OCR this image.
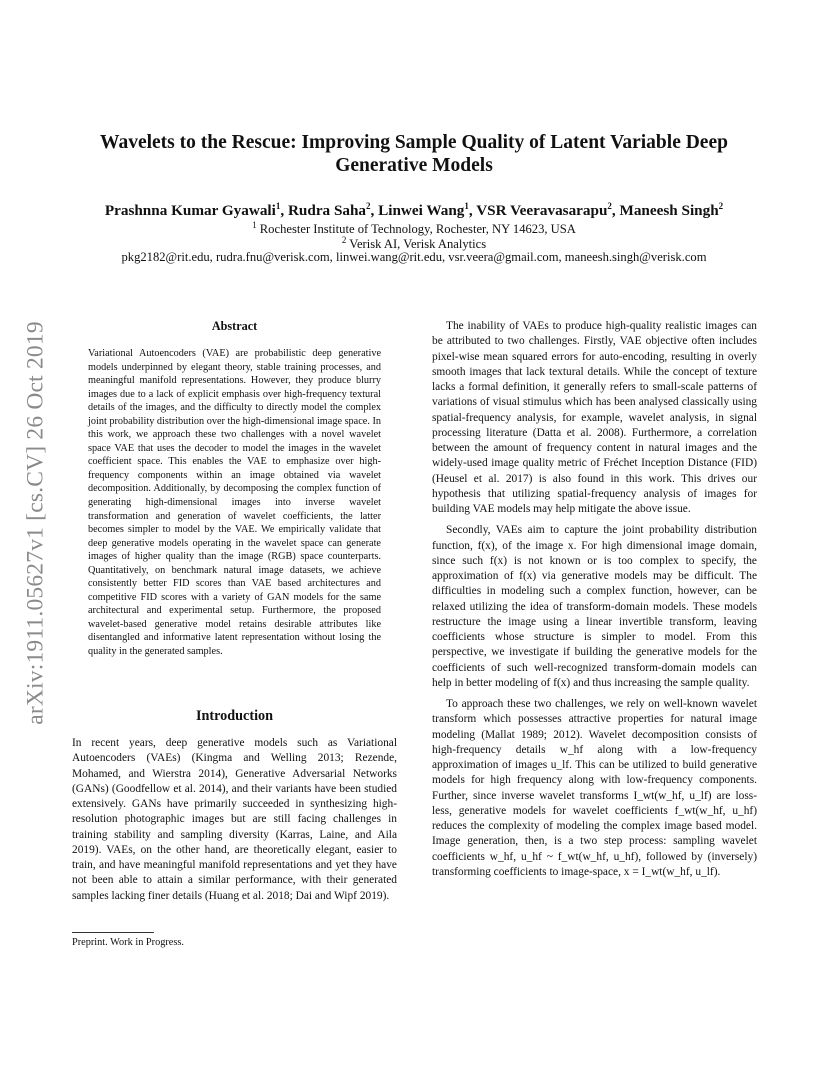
arXiv:1911.05627v1 [cs.CV] 26 Oct 2019
Wavelets to the Rescue: Improving Sample Quality of Latent Variable Deep Generative Models
Prashnna Kumar Gyawali$^1$, Rudra Saha$^2$, Linwei Wang$^1$, VSR Veeravasarapu$^2$, Maneesh Singh$^2$
$^1$ Rochester Institute of Technology, Rochester, NY 14623, USA
$^2$ Verisk AI, Verisk Analytics
pkg2182@rit.edu, rudra.fnu@verisk.com, linwei.wang@rit.edu, vsr.veera@gmail.com, maneesh.singh@verisk.com
Abstract
Variational Autoencoders (VAE) are probabilistic deep generative models underpinned by elegant theory, stable training processes, and meaningful manifold representations. However, they produce blurry images due to a lack of explicit emphasis over high-frequency textural details of the images, and the difficulty to directly model the complex joint probability distribution over the high-dimensional image space. In this work, we approach these two challenges with a novel wavelet space VAE that uses the decoder to model the images in the wavelet coefficient space. This enables the VAE to emphasize over high-frequency components within an image obtained via wavelet decomposition. Additionally, by decomposing the complex function of generating high-dimensional images into inverse wavelet transformation and generation of wavelet coefficients, the latter becomes simpler to model by the VAE. We empirically validate that deep generative models operating in the wavelet space can generate images of higher quality than the image (RGB) space counterparts. Quantitatively, on benchmark natural image datasets, we achieve consistently better FID scores than VAE based architectures and competitive FID scores with a variety of GAN models for the same architectural and experimental setup. Furthermore, the proposed wavelet-based generative model retains desirable attributes like disentangled and informative latent representation without losing the quality in the generated samples.
Introduction

In recent years, deep generative models such as Variational Autoencoders (VAEs) (Kingma and Welling 2013; Rezende, Mohamed, and Wierstra 2014), Generative Adversarial Networks (GANs) (Goodfellow et al. 2014), and their variants have been studied extensively. GANs have primarily succeeded in synthesizing high-resolution photographic images but are still facing challenges in training stability and sampling diversity (Karras, Laine, and Aila 2019). VAEs, on the other hand, are theoretically elegant, easier to train, and have meaningful manifold representations and yet they have not been able to attain a similar performance, with their generated samples lacking finer details (Huang et al. 2018; Dai and Wipf 2019).

Preprint. Work in Progress.

The inability of VAEs to produce high-quality realistic images can be attributed to two challenges. Firstly, VAE objective often includes pixel-wise mean squared errors for auto-encoding, resulting in overly smooth images that lack textural details. While the concept of texture lacks a formal definition, it generally refers to small-scale patterns of variations of visual stimulus which has been analysed classically using spatial-frequency analysis, for example, wavelet analysis, in signal processing literature (Datta et al. 2008). Furthermore, a correlation between the amount of frequency content in natural images and the widely-used image quality metric of Fréchet Inception Distance (FID) (Heusel et al. 2017) is also found in this work. This drives our hypothesis that utilizing spatial-frequency analysis of images for building VAE models may help mitigate the above issue.

Secondly, VAEs aim to capture the joint probability distribution function, f(x), of the image x. For high dimensional image domain, since such f(x) is not known or is too complex to specify, the approximation of f(x) via generative models may be difficult. The difficulties in modeling such a complex function, however, can be relaxed utilizing the idea of transform-domain models. These models restructure the image using a linear invertible transform, leaving coefficients whose structure is simpler to model. From this perspective, we investigate if building the generative models for the coefficients of such well-recognized transform-domain models can help in better modeling of f(x) and thus increasing the sample quality.

To approach these two challenges, we rely on well-known wavelet transform which possesses attractive properties for natural image modeling (Mallat 1989; 2012). Wavelet decomposition consists of high-frequency details w_hf along with a low-frequency approximation of images u_lf. This can be utilized to build generative models for high frequency along with low-frequency components. Further, since inverse wavelet transforms I_wt(w_hf, u_lf) are loss-less, generative models for wavelet coefficients f_wt(w_hf, u_hf) reduces the complexity of modeling the complex image based model. Image generation, then, is a two step process: sampling wavelet coefficients w_hf, u_hf ~ f_wt(w_hf, u_hf), followed by (inversely) transforming coefficients to image-space, x = I_wt(w_hf, u_lf).
